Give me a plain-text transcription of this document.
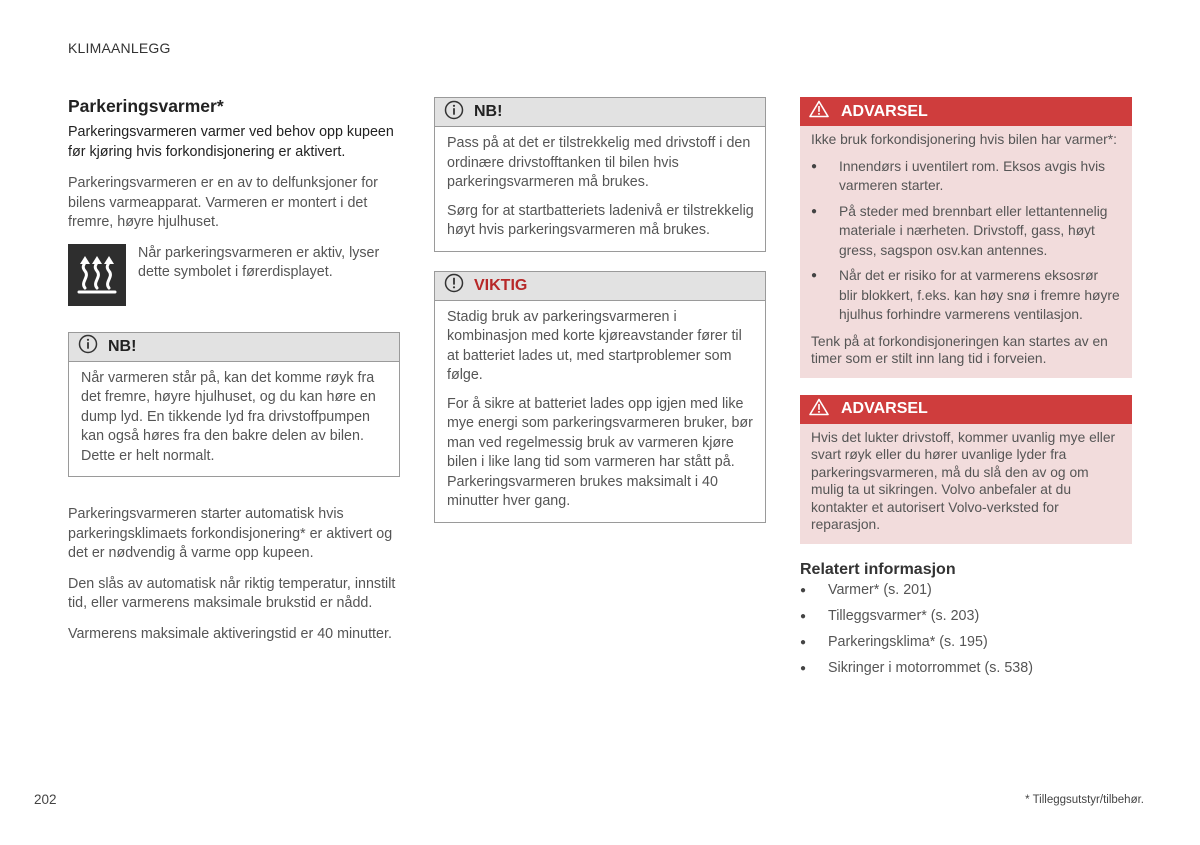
KLIMAANLEGG
Parkeringsvarmer*
Parkeringsvarmeren varmer ved behov opp kupeen før kjøring hvis forkondisjonering er aktivert.

Parkeringsvarmeren er en av to delfunksjoner for bilens varmeapparat. Varmeren er montert i det fremre, høyre hjulhuset.

Når parkeringsvarmeren er aktiv, lyser dette symbolet i førerdisplayet.

NB!

Når varmeren står på, kan det komme røyk fra det fremre, høyre hjulhuset, og du kan høre en dump lyd. En tikkende lyd fra drivstoffpumpen kan også høres fra den bakre delen av bilen. Dette er helt normalt.

Parkeringsvarmeren starter automatisk hvis parkeringsklimaets forkondisjonering* er aktivert og det er nødvendig å varme opp kupeen.

Den slås av automatisk når riktig temperatur, innstilt tid, eller varmerens maksimale brukstid er nådd.

Varmerens maksimale aktiveringstid er 40 minutter.

NB!

Pass på at det er tilstrekkelig med drivstoff i den ordinære drivstofftanken til bilen hvis parkeringsvarmeren må brukes.

Sørg for at startbatteriets ladenivå er tilstrekkelig høyt hvis parkeringsvarmeren må brukes.

VIKTIG

Stadig bruk av parkeringsvarmeren i kombinasjon med korte kjøreavstander fører til at batteriet lades ut, med startproblemer som følge.

For å sikre at batteriet lades opp igjen med like mye energi som parkeringsvarmeren bruker, bør man ved regelmessig bruk av varmeren kjøre bilen i like lang tid som varmeren har stått på. Parkeringsvarmeren brukes maksimalt i 40 minutter hver gang.

ADVARSEL

Ikke bruk forkondisjonering hvis bilen har varmer*:

● Innendørs i uventilert rom. Eksos avgis hvis varmeren starter.
● På steder med brennbart eller lettantennelig materiale i nærheten. Drivstoff, gass, høyt gress, sagspon osv.kan antennes.
● Når det er risiko for at varmerens eksosrør blir blokkert, f.eks. kan høy snø i fremre høyre hjulhus forhindre varmerens ventilasjon.

Tenk på at forkondisjoneringen kan startes av en timer som er stilt inn lang tid i forveien.

ADVARSEL

Hvis det lukter drivstoff, kommer uvanlig mye eller svart røyk eller du hører uvanlige lyder fra parkeringsvarmeren, må du slå den av og om mulig ta ut sikringen. Volvo anbefaler at du kontakter et autorisert Volvo-verksted for reparasjon.

Relatert informasjon
● Varmer* (s. 201)
● Tilleggsvarmer* (s. 203)
● Parkeringsklima* (s. 195)
● Sikringer i motorrommet (s. 538)
202	* Tilleggsutstyr/tilbehør.
